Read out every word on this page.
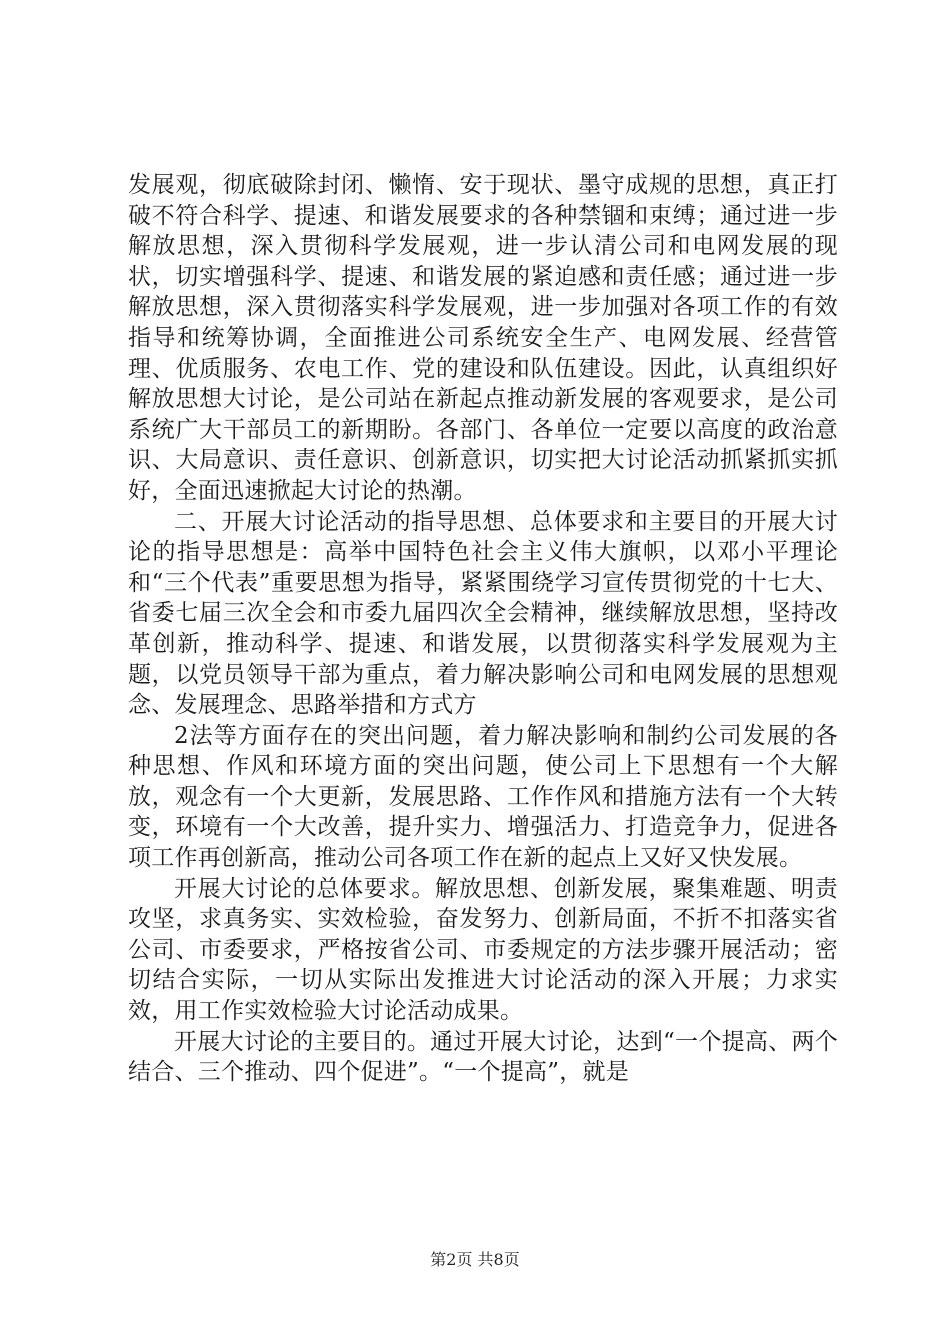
发展观，彻底破除封闭、懒惰、安于现状、墨守成规的思想，真正打破不符合科学、提速、和谐发展要求的各种禁锢和束缚；通过进一步解放思想，深入贯彻科学发展观，进一步认清公司和电网发展的现状，切实增强科学、提速、和谐发展的紧迫感和责任感；通过进一步解放思想，深入贯彻落实科学发展观，进一步加强对各项工作的有效指导和统筹协调，全面推进公司系统安全生产、电网发展、经营管理、优质服务、农电工作、党的建设和队伍建设。因此，认真组织好解放思想大讨论，是公司站在新起点推动新发展的客观要求，是公司系统广大干部员工的新期盼。各部门、各单位一定要以高度的政治意识、大局意识、责任意识、创新意识，切实把大讨论活动抓紧抓实抓好，全面迅速掀起大讨论的热潮。

二、开展大讨论活动的指导思想、总体要求和主要目的开展大讨论的指导思想是：高举中国特色社会主义伟大旗帜，以邓小平理论和“三个代表”重要思想为指导，紧紧围绕学习宣传贯彻党的十七大、省委七届三次全会和市委九届四次全会精神，继续解放思想，坚持改革创新，推动科学、提速、和谐发展，以贯彻落实科学发展观为主题，以党员领导干部为重点，着力解决影响公司和电网发展的思想观念、发展理念、思路举措和方式方

2法等方面存在的突出问题，着力解决影响和制约公司发展的各种思想、作风和环境方面的突出问题，使公司上下思想有一个大解放，观念有一个大更新，发展思路、工作作风和措施方法有一个大转变，环境有一个大改善，提升实力、增强活力、打造竞争力，促进各项工作再创新高，推动公司各项工作在新的起点上又好又快发展。

开展大讨论的总体要求。解放思想、创新发展，聚集难题、明责攻坚，求真务实、实效检验，奋发努力、创新局面，不折不扣落实省公司、市委要求，严格按省公司、市委规定的方法步骤开展活动；密切结合实际，一切从实际出发推进大讨论活动的深入开展；力求实效，用工作实效检验大讨论活动成果。

开展大讨论的主要目的。通过开展大讨论，达到“一个提高、两个结合、三个推动、四个促进”。“一个提高”，就是

第2页 共8页
